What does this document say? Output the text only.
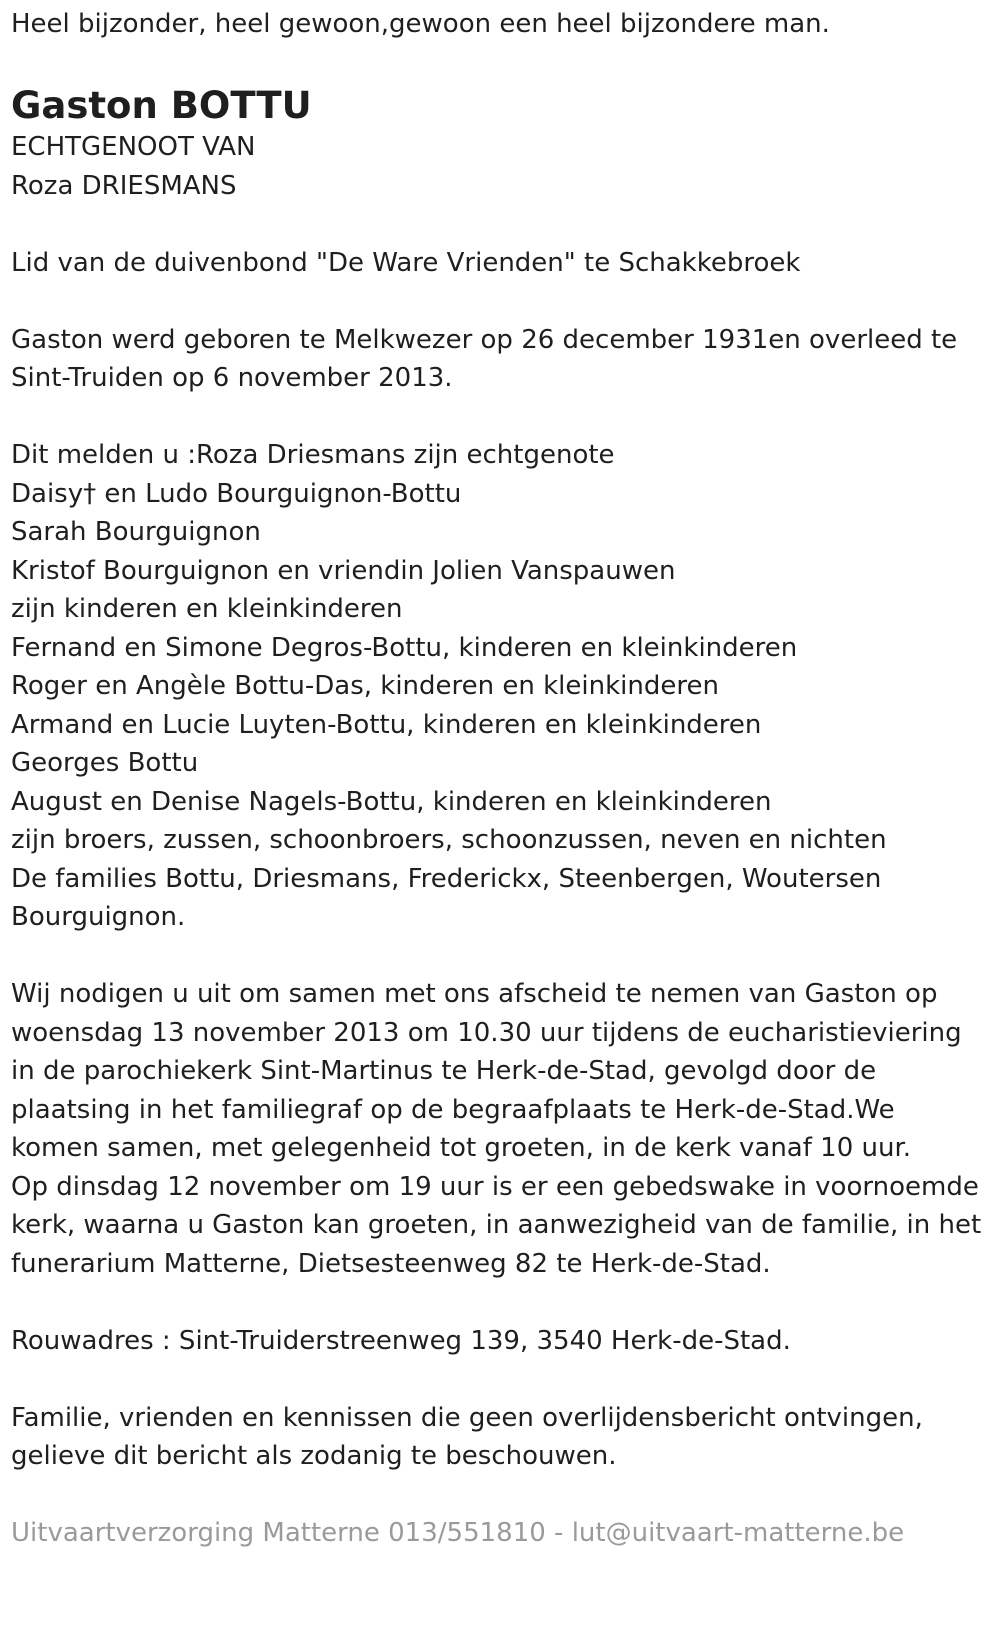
Heel bijzonder, heel gewoon,gewoon een heel bijzondere man.
Gaston BOTTU
ECHTGENOOT VAN
Roza DRIESMANS
Lid van de duivenbond "De Ware Vrienden" te Schakkebroek
Gaston werd geboren te Melkwezer op 26 december 1931en overleed te
Sint-Truiden op 6 november 2013.
Dit melden u :Roza Driesmans zijn echtgenote
Daisy† en Ludo Bourguignon-Bottu
Sarah Bourguignon
Kristof Bourguignon en vriendin Jolien Vanspauwen
zijn kinderen en kleinkinderen
Fernand en Simone Degros-Bottu, kinderen en kleinkinderen
Roger en Angèle Bottu-Das, kinderen en kleinkinderen
Armand en Lucie Luyten-Bottu, kinderen en kleinkinderen
Georges Bottu
August en Denise Nagels-Bottu, kinderen en kleinkinderen
zijn broers, zussen, schoonbroers, schoonzussen, neven en nichten
De families Bottu, Driesmans, Frederickx, Steenbergen, Woutersen
Bourguignon.
Wij nodigen u uit om samen met ons afscheid te nemen van Gaston op
woensdag 13 november 2013 om 10.30 uur tijdens de eucharistieviering
in de parochiekerk Sint-Martinus te Herk-de-Stad, gevolgd door de
plaatsing in het familiegraf op de begraafplaats te Herk-de-Stad.We
komen samen, met gelegenheid tot groeten, in de kerk vanaf 10 uur.
Op dinsdag 12 november om 19 uur is er een gebedswake in voornoemde
kerk, waarna u Gaston kan groeten, in aanwezigheid van de familie, in het
funerarium Matterne, Dietsesteenweg 82 te Herk-de-Stad.
Rouwadres : Sint-Truiderstreenweg 139, 3540 Herk-de-Stad.
Familie, vrienden en kennissen die geen overlijdensbericht ontvingen,
gelieve dit bericht als zodanig te beschouwen.
Uitvaartverzorging Matterne 013/551810 - lut@uitvaart-matterne.be
